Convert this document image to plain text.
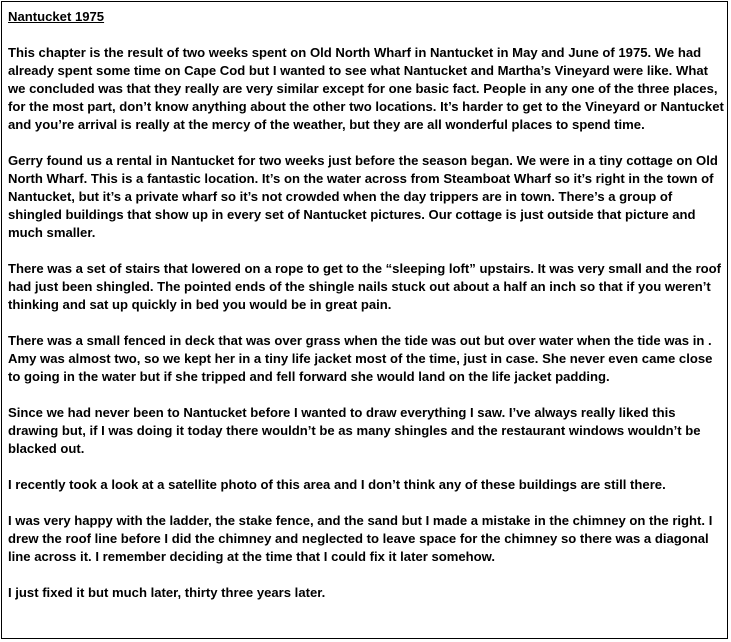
Nantucket 1975
This chapter is the result of two weeks spent on Old North Wharf in Nantucket in May and June of 1975. We had already spent some time on Cape Cod but I wanted to see what Nantucket and Martha’s Vineyard were like. What we concluded was that they really are very similar except for one basic fact. People in any one of the three places, for the most part, don’t know anything about the other two locations. It’s harder to get to the Vineyard or Nantucket and you’re arrival is really at the mercy of the weather, but they are all wonderful places to spend time.
Gerry found us a rental in Nantucket for two weeks just before the season began. We were in a tiny cottage on Old North Wharf. This is a fantastic location. It’s on the water across from Steamboat Wharf so it’s right in the town of Nantucket, but it’s a private wharf so it’s not crowded when the day trippers are in town. There’s a group of shingled buildings that show up in every set of Nantucket pictures. Our cottage is just outside that picture and much smaller.
There was a set of stairs that lowered on a rope to get to the “sleeping loft” upstairs. It was very small and the roof had just been shingled. The pointed ends of the shingle nails stuck out about a half an inch so that if you weren’t thinking and sat up quickly in bed you would be in great pain.
There was a small fenced in deck that was over grass when the tide was out but over water when the tide was in . Amy was almost two, so we kept her in a tiny life jacket most of the time, just in case. She never even came close to going in the water but if she tripped and fell forward she would land on the life jacket padding.
Since we had never been to Nantucket before I wanted to draw everything I saw. I’ve always really liked this drawing but, if I was doing it today there wouldn’t be as many shingles and the restaurant windows wouldn’t be blacked out.
I recently took a look at a satellite photo of this area and I don’t think any of these buildings are still there.
I was very happy with the ladder, the stake fence, and the sand but I made a mistake in the chimney on the right. I drew the roof line before I did the chimney and neglected to leave space for the chimney so there was a diagonal line across it. I remember deciding at the time that I could fix it later somehow.
I just fixed it but much later, thirty three years later.
